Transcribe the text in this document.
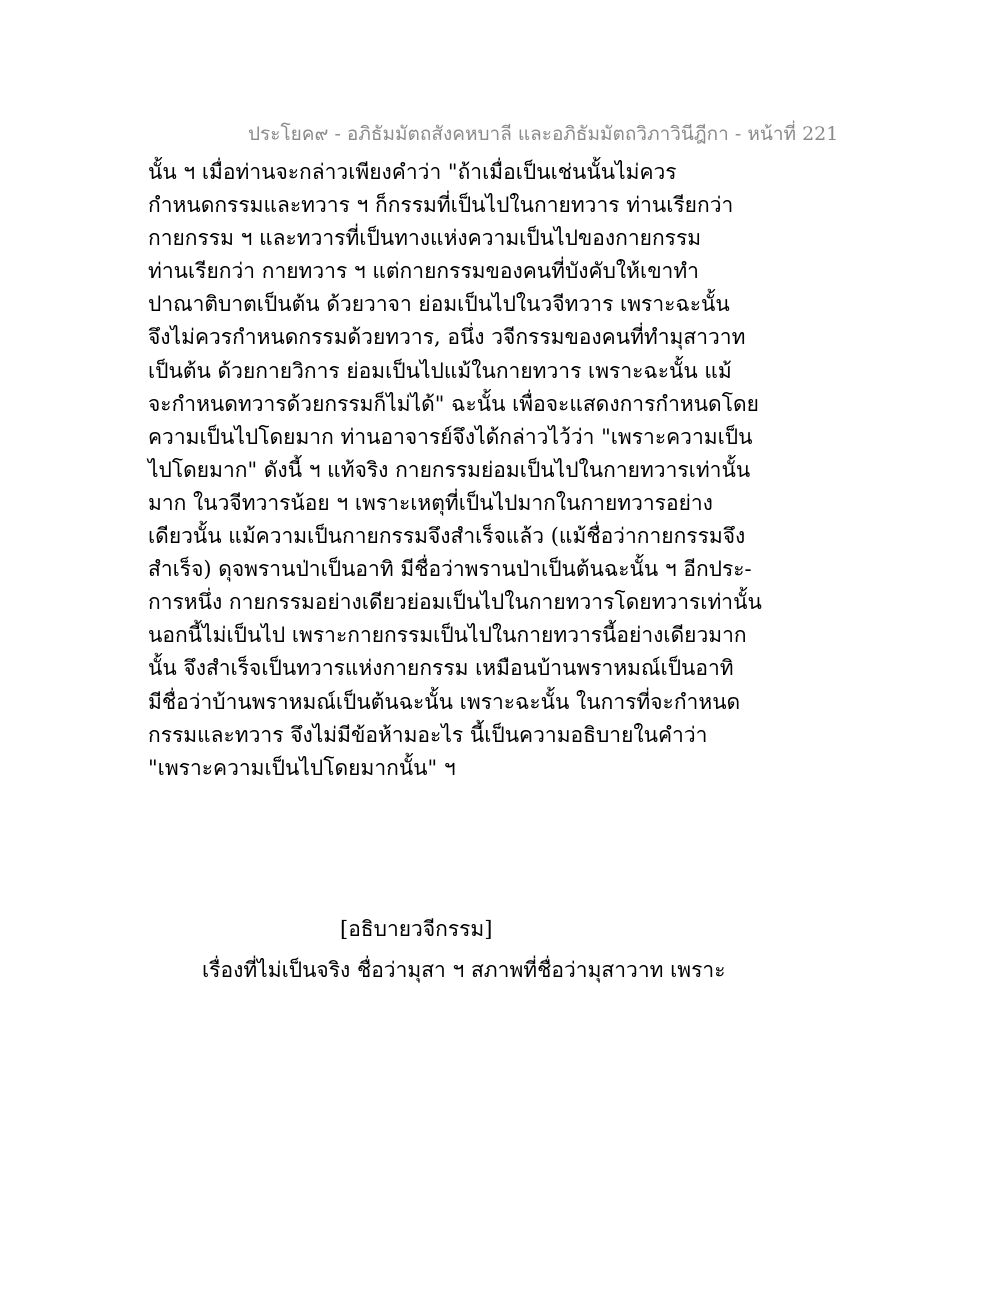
ประโยค๙ - อภิธัมมัตถสังคหบาลี และอภิธัมมัตถวิภาวินีฎีกา - หน้าที่ 221
นั้น ฯ เมื่อท่านจะกล่าวเพียงคำว่า "ถ้าเมื่อเป็นเช่นนั้นไม่ควร
กำหนดกรรมและทวาร ฯ ก็กรรมที่เป็นไปในกายทวาร ท่านเรียกว่า
กายกรรม ฯ และทวารที่เป็นทางแห่งความเป็นไปของกายกรรม
ท่านเรียกว่า กายทวาร ฯ แต่กายกรรมของคนที่บังคับให้เขาทำ
ปาณาติบาตเป็นต้น ด้วยวาจา ย่อมเป็นไปในวจีทวาร เพราะฉะนั้น
จึงไม่ควรกำหนดกรรมด้วยทวาร, อนึ่ง วจีกรรมของคนที่ทำมุสาวาท
เป็นต้น ด้วยกายวิการ ย่อมเป็นไปแม้ในกายทวาร เพราะฉะนั้น แม้
จะกำหนดทวารด้วยกรรมก็ไม่ได้" ฉะนั้น เพื่อจะแสดงการกำหนดโดย
ความเป็นไปโดยมาก ท่านอาจารย์จึงได้กล่าวไว้ว่า "เพราะความเป็น
ไปโดยมาก" ดังนี้ ฯ แท้จริง กายกรรมย่อมเป็นไปในกายทวารเท่านั้น
มาก ในวจีทวารน้อย ฯ เพราะเหตุที่เป็นไปมากในกายทวารอย่าง
เดียวนั้น แม้ความเป็นกายกรรมจึงสำเร็จแล้ว (แม้ชื่อว่ากายกรรมจึง
สำเร็จ) ดุจพรานป่าเป็นอาทิ มีชื่อว่าพรานป่าเป็นต้นฉะนั้น ฯ อีกประ-
การหนึ่ง กายกรรมอย่างเดียวย่อมเป็นไปในกายทวารโดยทวารเท่านั้น
นอกนี้ไม่เป็นไป เพราะกายกรรมเป็นไปในกายทวารนี้อย่างเดียวมาก
นั้น จึงสำเร็จเป็นทวารแห่งกายกรรม เหมือนบ้านพราหมณ์เป็นอาทิ
มีชื่อว่าบ้านพราหมณ์เป็นต้นฉะนั้น เพราะฉะนั้น ในการที่จะกำหนด
กรรมและทวาร จึงไม่มีข้อห้ามอะไร นี้เป็นความอธิบายในคำว่า
"เพราะความเป็นไปโดยมากนั้น" ฯ
[อธิบายวจีกรรม]
เรื่องที่ไม่เป็นจริง ชื่อว่ามุสา ฯ สภาพที่ชื่อว่ามุสาวาท เพราะ
